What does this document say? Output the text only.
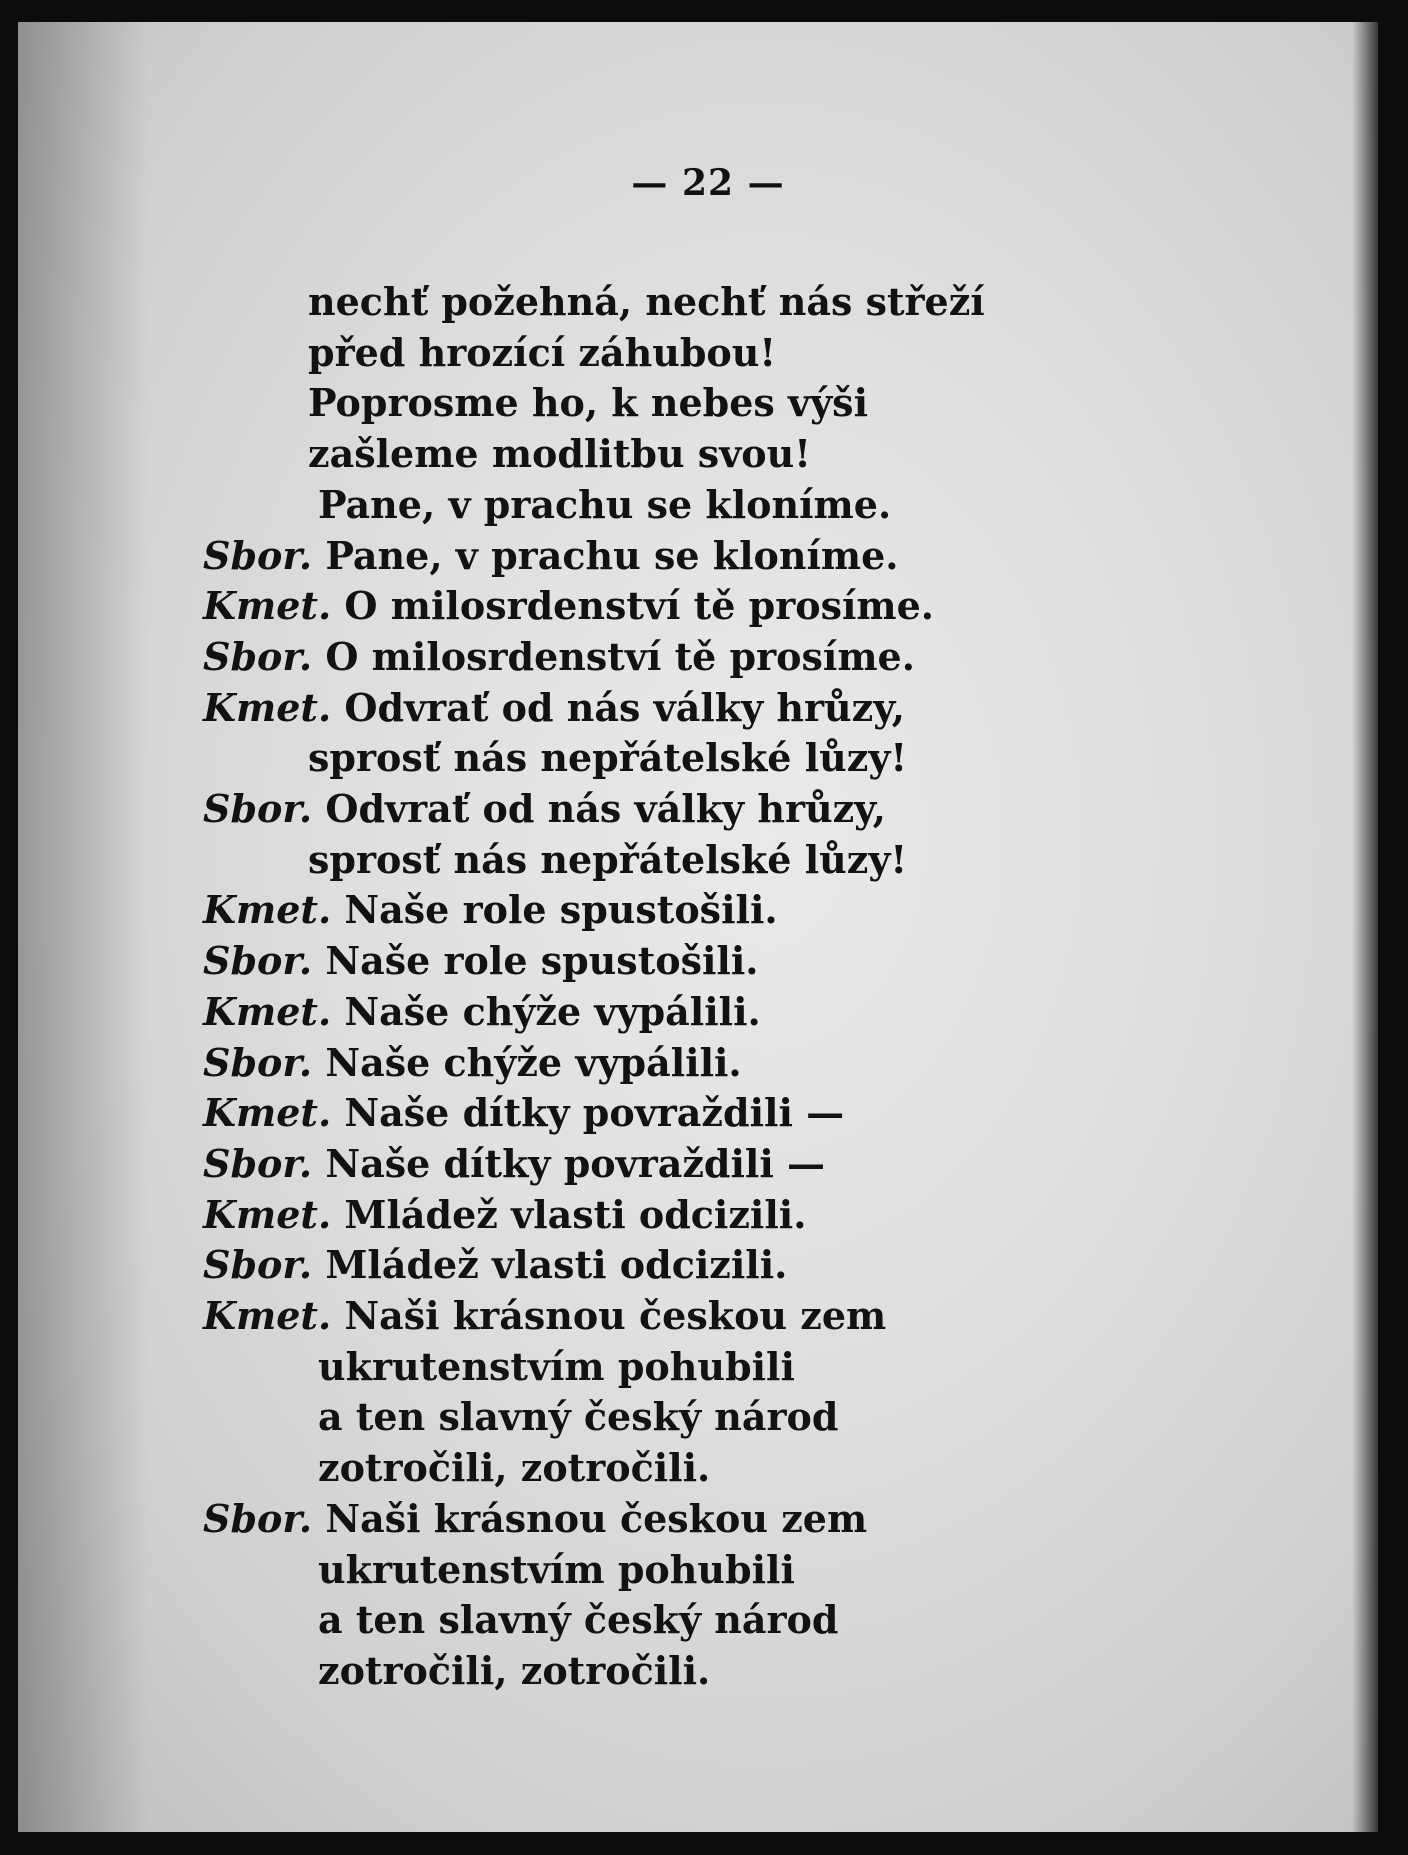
— 22 —
nechť požehná, nechť nás střeží
před hrozící záhubou!
Poprosme ho, k nebes výši
zašleme modlitbu svou!
Pane, v prachu se kloníme.
Sbor. Pane, v prachu se kloníme.
Kmet. O milosrdenství tě prosíme.
Sbor. O milosrdenství tě prosíme.
Kmet. Odvrať od nás války hrůzy,
sprosť nás nepřátelské lůzy!
Sbor. Odvrať od nás války hrůzy,
sprosť nás nepřátelské lůzy!
Kmet. Naše role spustošili.
Sbor. Naše role spustošili.
Kmet. Naše chýže vypálili.
Sbor. Naše chýže vypálili.
Kmet. Naše dítky povraždili —
Sbor. Naše dítky povraždili —
Kmet. Mládež vlasti odcizili.
Sbor. Mládež vlasti odcizili.
Kmet. Naši krásnou českou zem
ukrutenstvím pohubili
a ten slavný český národ
zotročili, zotročili.
Sbor. Naši krásnou českou zem
ukrutenstvím pohubili
a ten slavný český národ
zotročili, zotročili.
